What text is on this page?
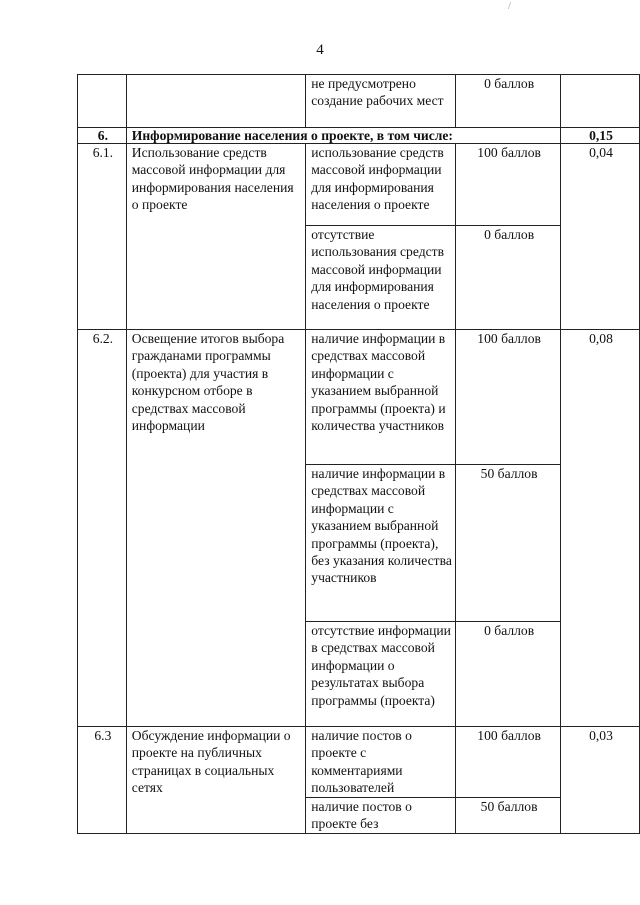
/
4
		не предусмотрено создание рабочих мест	0 баллов	
6.	Информирование населения о проекте, в том числе:			0,15
6.1.	Использование средств массовой информации для информирования населения о проекте	использование средств массовой информации для информирования населения о проекте	100 баллов	0,04
		отсутствие использования средств массовой информации для информирования населения о проекте	0 баллов	
6.2.	Освещение итогов выбора гражданами программы (проекта) для участия в конкурсном отборе в средствах массовой информации	наличие информации в средствах массовой информации с указанием выбранной программы (проекта) и количества участников	100 баллов	0,08
		наличие информации в средствах массовой информации с указанием выбранной программы (проекта), без указания количества участников	50 баллов	
		отсутствие информации в средствах массовой информации о результатах выбора программы (проекта)	0 баллов	
6.3	Обсуждение информации о проекте на публичных страницах в социальных сетях	наличие постов о проекте с комментариями пользователей	100 баллов	0,03
		наличие постов о проекте без	50 баллов	
